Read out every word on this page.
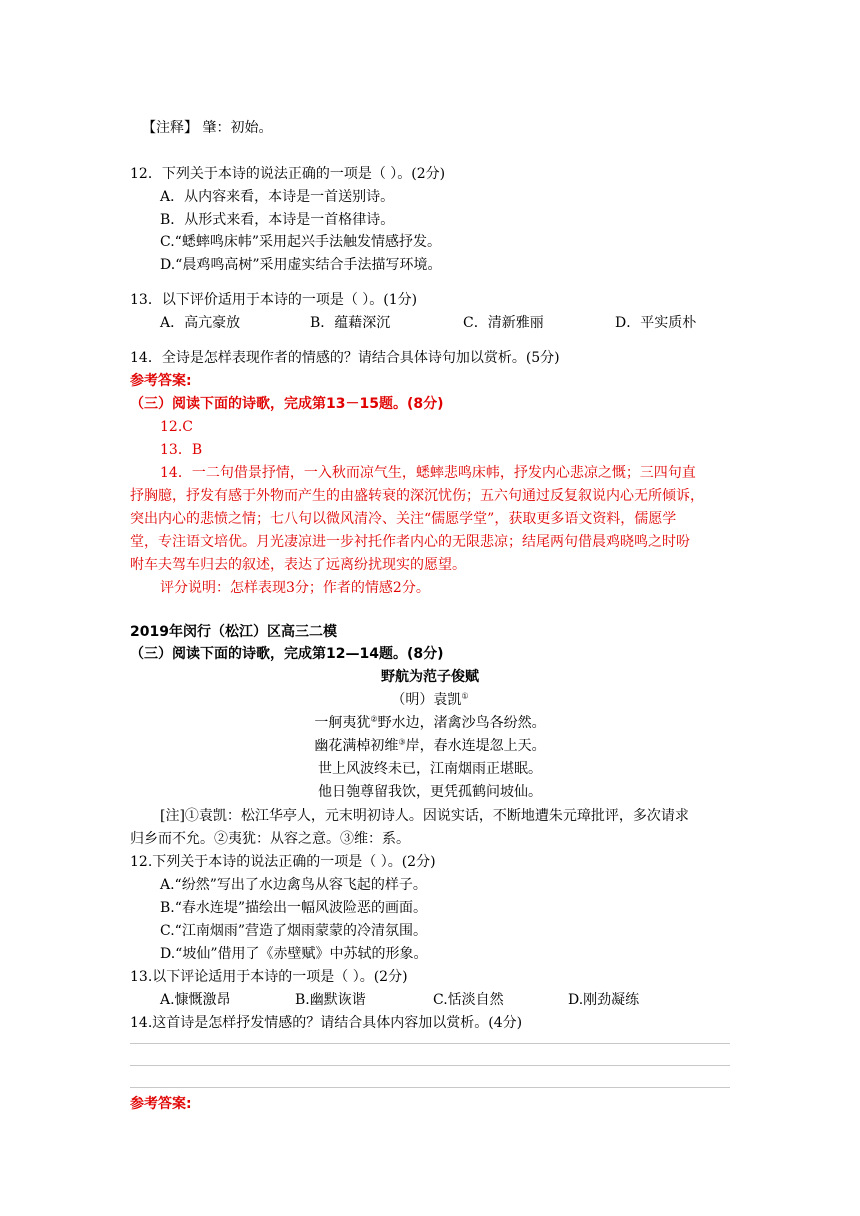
【注释】 肇：初始。
12．下列关于本诗的说法正确的一项是（ ）。(2分)
A．从内容来看，本诗是一首送别诗。
B．从形式来看，本诗是一首格律诗。
C.“蟋蟀鸣床帏”采用起兴手法触发情感抒发。
D.“晨鸡鸣高树”采用虚实结合手法描写环境。
13．以下评价适用于本诗的一项是（ ）。(1分)
A．高亢豪放	B．蕴藉深沉	C．清新雅丽	D．平实质朴
14．全诗是怎样表现作者的情感的？请结合具体诗句加以赏析。(5分)
参考答案:
（三）阅读下面的诗歌，完成第13－15题。(8分)
12.C
13．B
14．一二句借景抒情，一入秋而凉气生，蟋蟀悲鸣床帏，抒发内心悲凉之慨；三四句直
抒胸臆，抒发有感于外物而产生的由盛转衰的深沉忧伤；五六句通过反复叙说内心无所倾诉，
突出内心的悲愤之情；七八句以微风清冷、关注“儒愿学堂”，获取更多语文资料，儒愿学
堂，专注语文培优。月光凄凉进一步衬托作者内心的无限悲凉；结尾两句借晨鸡晓鸣之时吩
咐车夫驾车归去的叙述，表达了远离纷扰现实的愿望。
评分说明：怎样表现3分；作者的情感2分。
2019年闵行（松江）区高三二模
（三）阅读下面的诗歌，完成第12—14题。(8分)
野航为范子俊赋
（明）袁凯①
一舸夷犹②野水边，渚禽沙鸟各纷然。
幽花满棹初维③岸，春水连堤忽上天。
世上风波终未已，江南烟雨正堪眠。
他日匏尊留我饮，更凭孤鹤问坡仙。
[注]①袁凯：松江华亭人，元末明初诗人。因说实话，不断地遭朱元璋批评，多次请求
归乡而不允。②夷犹：从容之意。③维：系。
12.下列关于本诗的说法正确的一项是（ ）。(2分)
A.“纷然”写出了水边禽鸟从容飞起的样子。
B.“春水连堤”描绘出一幅风波险恶的画面。
C.“江南烟雨”营造了烟雨蒙蒙的冷清氛围。
D.“坡仙”借用了《赤壁赋》中苏轼的形象。
13.以下评论适用于本诗的一项是（ ）。(2分)
A.慷慨激昂	B.幽默诙谐	C.恬淡自然	D.刚劲凝练
14.这首诗是怎样抒发情感的？请结合具体内容加以赏析。(4分)
参考答案:
